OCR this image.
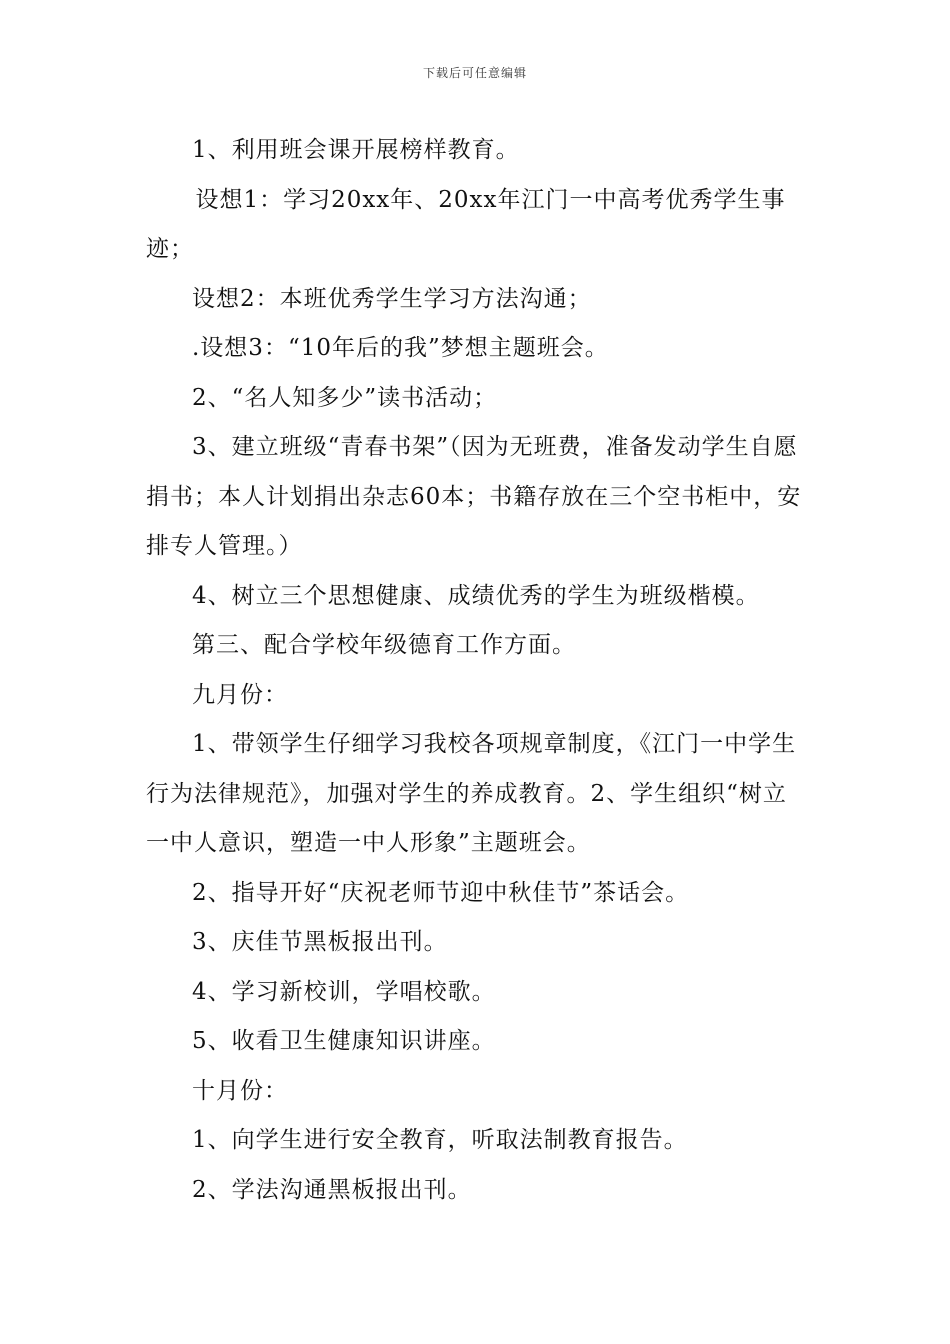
下载后可任意编辑

1、利用班会课开展榜样教育。

设想1：学习20xx年、20xx年江门一中高考优秀学生事迹；

设想2：本班优秀学生学习方法沟通；

.设想3：“10年后的我”梦想主题班会。

2、“名人知多少”读书活动；

3、建立班级“青春书架”（因为无班费，准备发动学生自愿捐书；本人计划捐出杂志60本；书籍存放在三个空书柜中，安排专人管理。）

4、树立三个思想健康、成绩优秀的学生为班级楷模。

第三、配合学校年级德育工作方面。

九月份：

1、带领学生仔细学习我校各项规章制度，《江门一中学生行为法律规范》，加强对学生的养成教育。2、学生组织“树立一中人意识，塑造一中人形象”主题班会。

2、指导开好“庆祝老师节迎中秋佳节”茶话会。

3、庆佳节黑板报出刊。

4、学习新校训，学唱校歌。

5、收看卫生健康知识讲座。

十月份：

1、向学生进行安全教育，听取法制教育报告。

2、学法沟通黑板报出刊。
